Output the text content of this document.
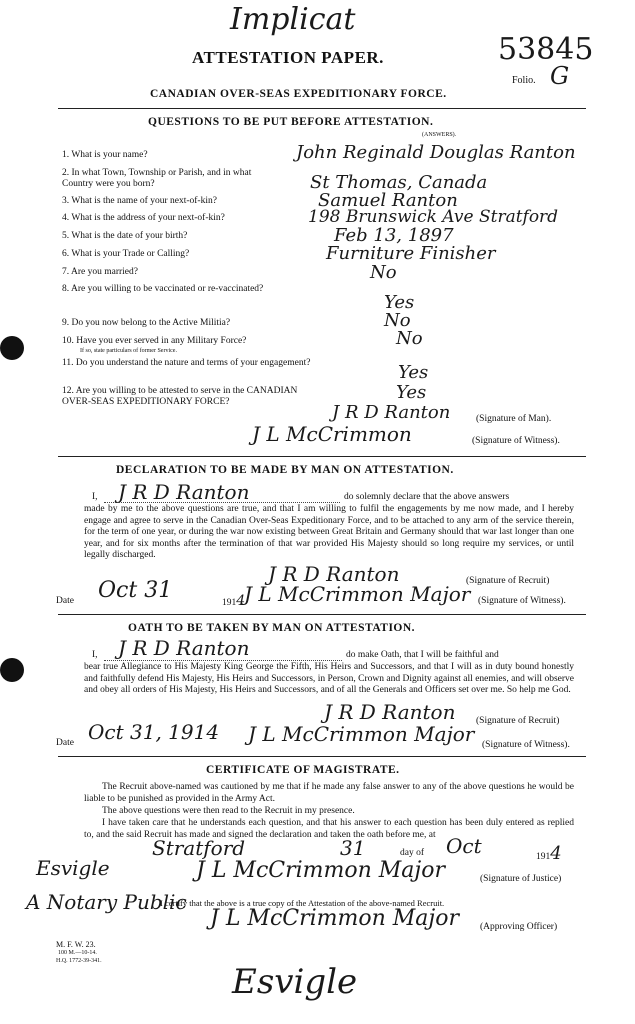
Implicat
53845
ATTESTATION PAPER.
Folio. G
CANADIAN OVER-SEAS EXPEDITIONARY FORCE.
QUESTIONS TO BE PUT BEFORE ATTESTATION.
(ANSWERS).
1. What is your name?	John Reginald Douglas Ranton
2. In what Town, Township or Parish, and in what Country were you born?	St Thomas, Canada
3. What is the name of your next-of-kin?	Samuel Ranton
4. What is the address of your next-of-kin?	198 Brunswick Ave Stratford
5. What is the date of your birth?	Feb 13, 1897
6. What is your Trade or Calling?	Furniture Finisher
7. Are you married?	No
8. Are you willing to be vaccinated or re-vaccinated?
Yes
9. Do you now belong to the Active Militia?	No
10. Have you ever served in any Military Force?
If so, state particulars of former Service.
No
11. Do you understand the nature and terms of your engagement?	Yes
12. Are you willing to be attested to serve in the CANADIAN OVER-SEAS EXPEDITIONARY FORCE?	Yes
J R D Ranton	(Signature of Man).
J L McCrimmon	(Signature of Witness).
DECLARATION TO BE MADE BY MAN ON ATTESTATION.
I, J R D Ranton	do solemnly declare that the above answers
made by me to the above questions are true, and that I am willing to fulfil the engagements by me now made, and I hereby engage and agree to serve in the Canadian Over-Seas Expeditionary Force, and to be attached to any arm of the service therein, for the term of one year, or during the war now existing between Great Britain and Germany should that war last longer than one year, and for six months after the termination of that war provided His Majesty should so long require my services, or until legally discharged.
Date Oct 31	1914
J R D Ranton	(Signature of Recruit)
J L McCrimmon Major (Signature of Witness).
OATH TO BE TAKEN BY MAN ON ATTESTATION.
I, J R D Ranton	do make Oath, that I will be faithful and
bear true Allegiance to His Majesty King George the Fifth, His Heirs and Successors, and that I will as in duty bound honestly and faithfully defend His Majesty, His Heirs and Successors, in Person, Crown and Dignity against all enemies, and will observe and obey all orders of His Majesty, His Heirs and Successors, and of all the Generals and Officers set over me. So help me God.
Date Oct 31, 1914
J R D Ranton (Signature of Recruit)
J L McCrimmon Major (Signature of Witness).
CERTIFICATE OF MAGISTRATE.
The Recruit above-named was cautioned by me that if he made any false answer to any of the above questions he would be liable to be punished as provided in the Army Act.
The above questions were then read to the Recruit in my presence.
I have taken care that he understands each question, and that his answer to each question has been duly entered as replied to, and the said Recruit has made and signed the declaration and taken the oath before me, at
Stratford	31	day of Oct	1914
Esvigle	J L McCrimmon Major	(Signature of Justice)
A Notary Public
I certify that the above is a true copy of the Attestation of the above-named Recruit.
J L McCrimmon Major (Approving Officer)
M. F. W. 23.
100 M.—10-14.
H.Q. 1772-39-341.
Esvigle
